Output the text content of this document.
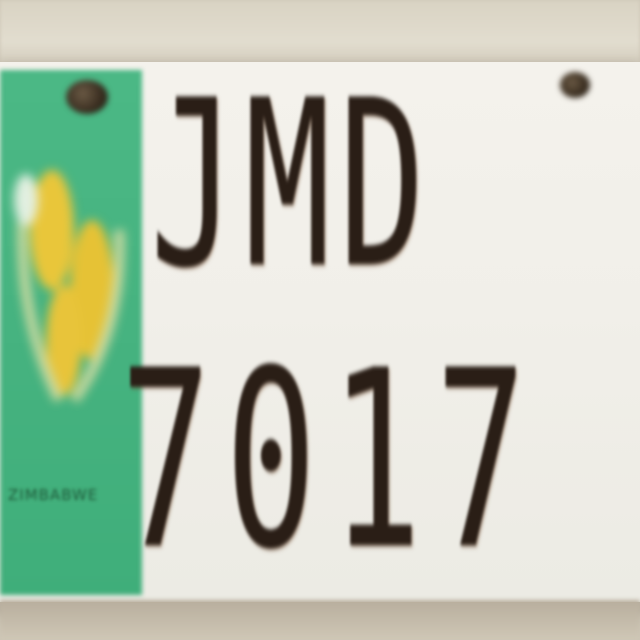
ZIMBABWE
JMD
7017
